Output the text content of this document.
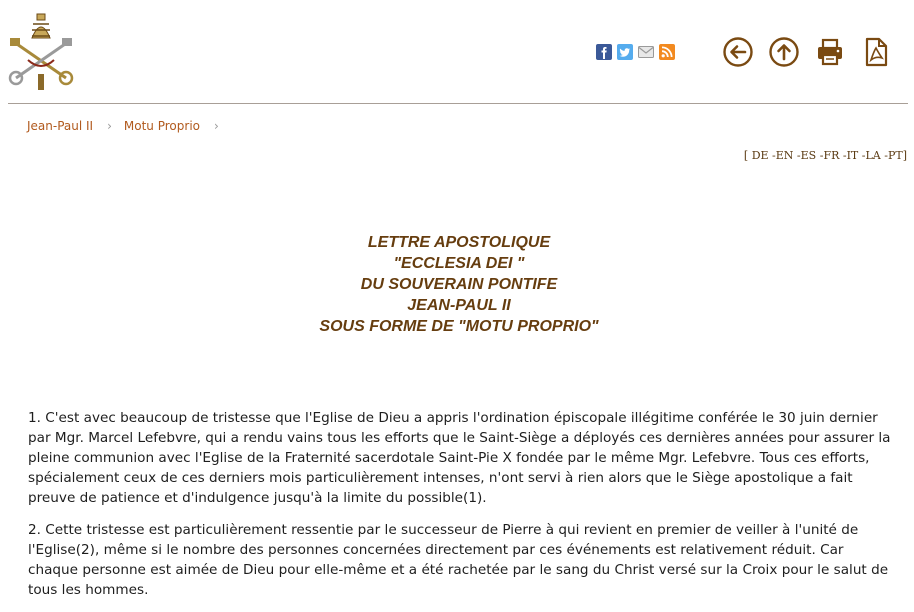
Jean-Paul II › Motu Proprio ›
[ DE -EN -ES -FR -IT -LA -PT]
LETTRE APOSTOLIQUE
"ECCLESIA DEI "
DU SOUVERAIN PONTIFE
JEAN-PAUL II
SOUS FORME DE "MOTU PROPRIO"

1. C'est avec beaucoup de tristesse que l'Eglise de Dieu a appris l'ordination épiscopale illégitime conférée le 30 juin dernier par Mgr. Marcel Lefebvre, qui a rendu vains tous les efforts que le Saint-Siège a déployés ces dernières années pour assurer la pleine communion avec l'Eglise de la Fraternité sacerdotale Saint-Pie X fondée par le même Mgr. Lefebvre. Tous ces efforts, spécialement ceux de ces derniers mois particulièrement intenses, n'ont servi à rien alors que le Siège apostolique a fait preuve de patience et d'indulgence jusqu'à la limite du possible(1).

2. Cette tristesse est particulièrement ressentie par le successeur de Pierre à qui revient en premier de veiller à l'unité de l'Eglise(2), même si le nombre des personnes concernées directement par ces événements est relativement réduit. Car chaque personne est aimée de Dieu pour elle-même et a été rachetée par le sang du Christ versé sur la Croix pour le salut de tous les hommes.
